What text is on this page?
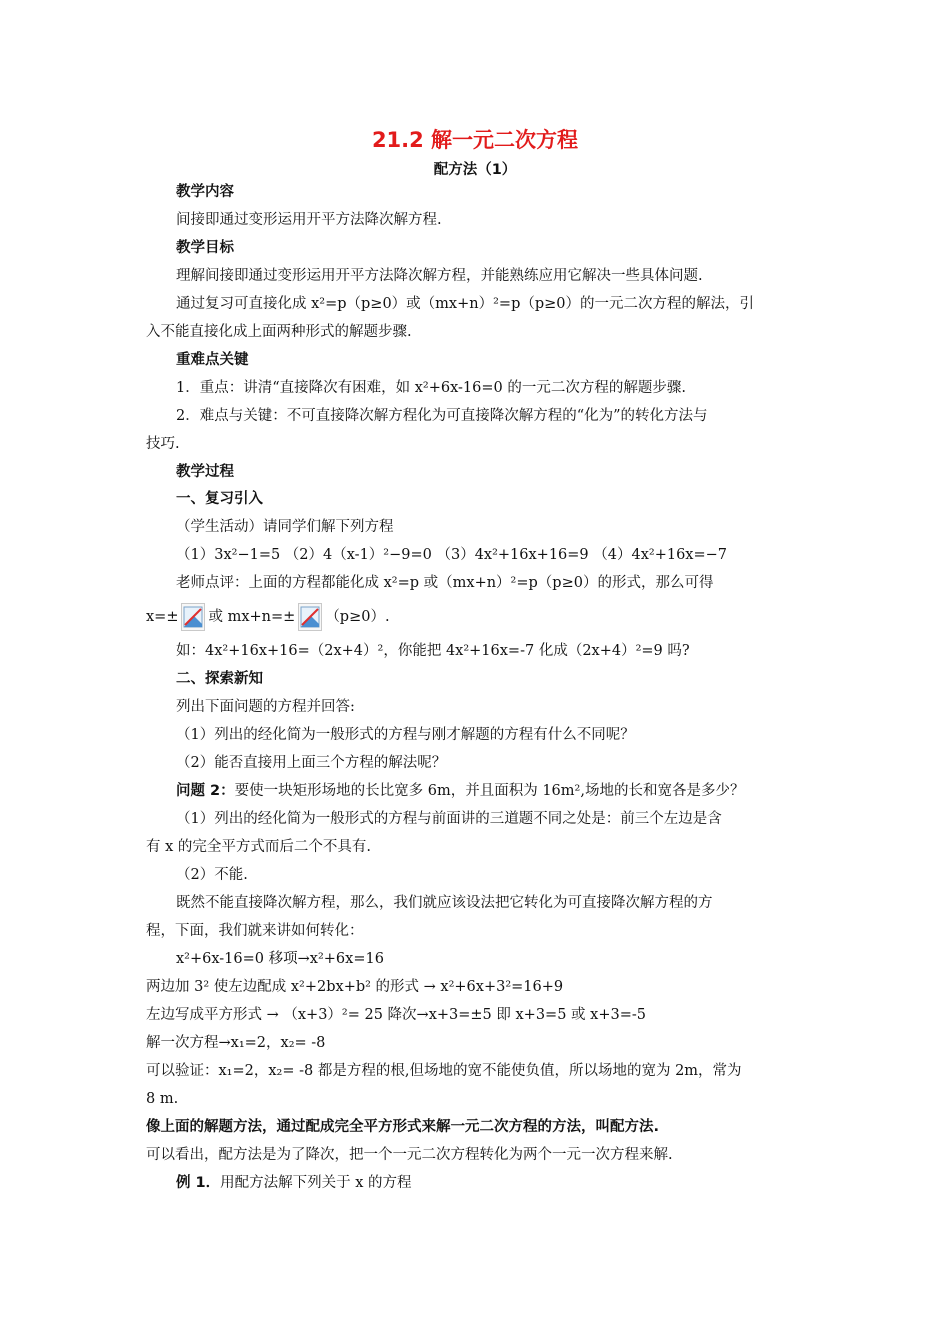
21.2 解一元二次方程
配方法（1）
教学内容
间接即通过变形运用开平方法降次解方程.
教学目标
理解间接即通过变形运用开平方法降次解方程，并能熟练应用它解决一些具体问题.
通过复习可直接化成 x²=p（p≥0）或（mx+n）²=p（p≥0）的一元二次方程的解法，引
入不能直接化成上面两种形式的解题步骤.
重难点关键
1．重点：讲清“直接降次有困难，如 x²+6x-16=0 的一元二次方程的解题步骤.
2．难点与关键：不可直接降次解方程化为可直接降次解方程的“化为”的转化方法与
技巧.
教学过程
一、复习引入
（学生活动）请同学们解下列方程
（1）3x²−1=5 （2）4（x-1）²−9=0 （3）4x²+16x+16=9 （4）4x²+16x=−7
老师点评：上面的方程都能化成 x²=p 或（mx+n）²=p（p≥0）的形式，那么可得
x=± 或 mx+n=± （p≥0）.
如：4x²+16x+16=（2x+4）²，你能把 4x²+16x=-7 化成（2x+4）²=9 吗?
二、探索新知
列出下面问题的方程并回答:
（1）列出的经化简为一般形式的方程与刚才解题的方程有什么不同呢？
（2）能否直接用上面三个方程的解法呢？
问题 2：要使一块矩形场地的长比宽多 6m，并且面积为 16m²,场地的长和宽各是多少？
（1）列出的经化简为一般形式的方程与前面讲的三道题不同之处是：前三个左边是含
有 x 的完全平方式而后二个不具有.
（2）不能.
既然不能直接降次解方程，那么，我们就应该设法把它转化为可直接降次解方程的方
程，下面，我们就来讲如何转化：
x²+6x-16=0 移项→x²+6x=16
两边加 3² 使左边配成 x²+2bx+b² 的形式 → x²+6x+3²=16+9
左边写成平方形式 → （x+3）²= 25 降次→x+3=±5 即 x+3=5 或 x+3=-5
解一次方程→x₁=2，x₂= -8
可以验证：x₁=2，x₂= -8 都是方程的根,但场地的宽不能使负值，所以场地的宽为 2m，常为
8 m.
像上面的解题方法，通过配成完全平方形式来解一元二次方程的方法，叫配方法.
可以看出，配方法是为了降次，把一个一元二次方程转化为两个一元一次方程来解.
例 1．用配方法解下列关于 x 的方程
